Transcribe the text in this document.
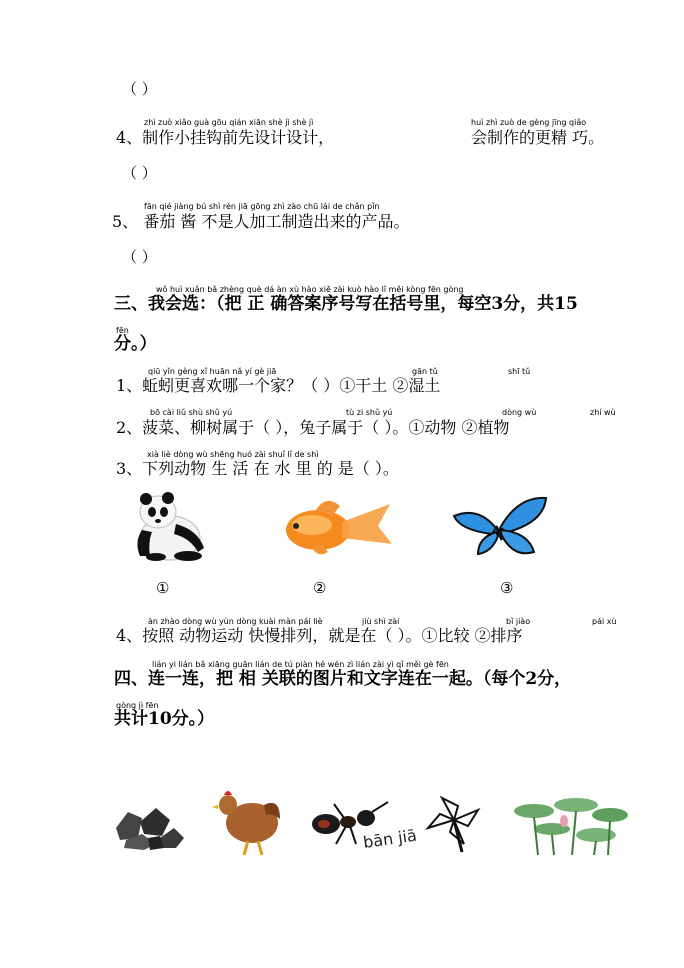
（ ）
zhì zuò xiǎo guà gōu qián xiān shè jì shè jì	huì zhì zuò de gèng jīng qiǎo
4、制作小挂钩前先设计设计，	会制作的更精 巧。
（ ）
fān qié jiàng bú shì rén jiā gōng zhì zào chū lái de chǎn pǐn
5、 番茄 酱 不是人加工制造出来的产品。
（ ）
wǒ huì xuǎn bǎ zhèng què dá àn xù hào xiě zài kuò hào lǐ měi kòng fēn gòng
三、我会选：（把 正 确答案序号写在括号里，每空3分，共15
fēn
分。）
qiū yǐn gèng xǐ huān nǎ yí gè jiā	gān tǔ	shī tǔ
1、蚯蚓更喜欢哪一个家？（ ）①干土 ②湿土
bō cài liǔ shù shǔ yú	tù zi shǔ yú	dòng wù	zhí wù
2、菠菜、柳树属于（ ），兔子属于（ ）。①动物 ②植物
xià liè dòng wù shēng huó zài shuǐ lǐ de shì
3、下列动物 生 活 在 水 里 的 是（ ）。
①	②	③
àn zhào dòng wù yùn dòng kuài màn pái liè	jiù shì zài	bǐ jiào	pái xù
4、按照 动物运动 快慢排列，就是在（ ）。①比较 ②排序
lián yi lián bǎ xiāng guān lián de tú piàn hé wén zì lián zài yì qǐ měi gè fēn
四、连一连，把 相 关联的图片和文字连在一起。（每个2分，
gòng jì fēn
共计10分。）
bān jiā
